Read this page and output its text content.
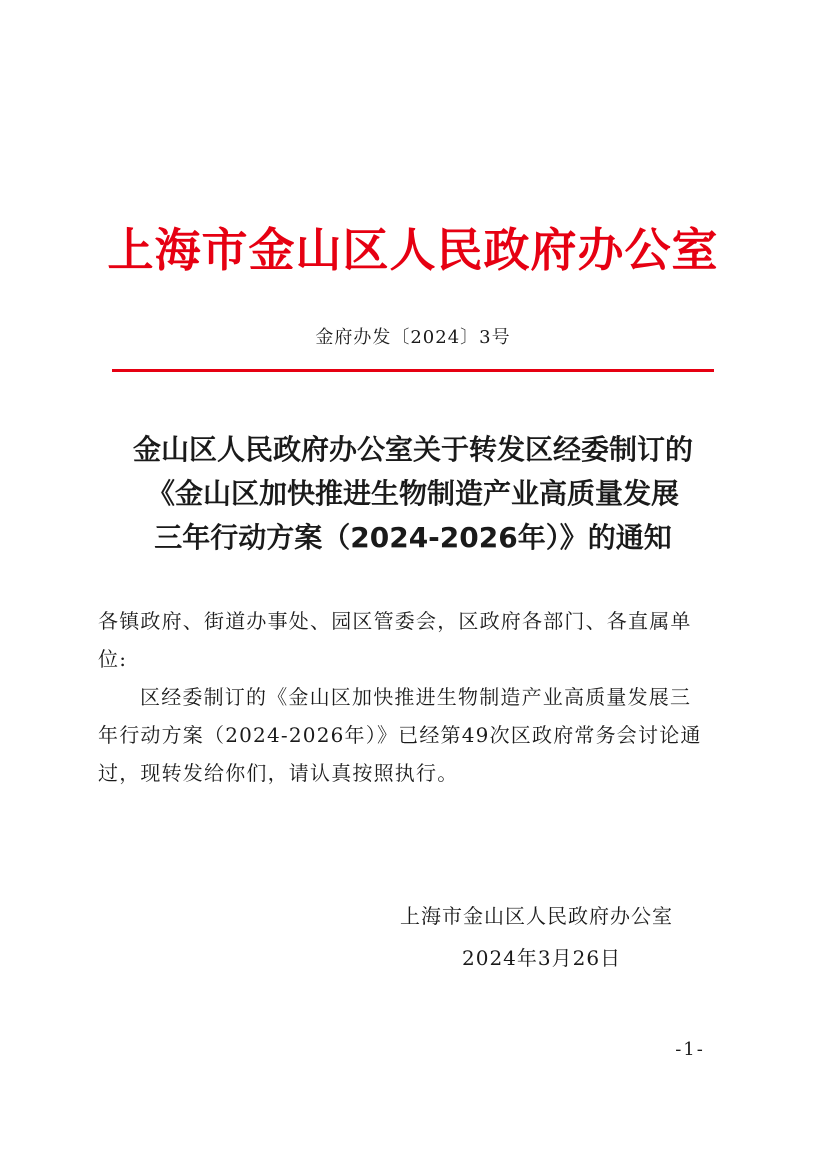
上海市金山区人民政府办公室
金府办发〔2024〕3号
金山区人民政府办公室关于转发区经委制订的
《金山区加快推进生物制造产业高质量发展
三年行动方案（2024-2026年）》的通知
各镇政府、街道办事处、园区管委会，区政府各部门、各直属单
位:
区经委制订的《金山区加快推进生物制造产业高质量发展三
年行动方案（2024-2026年）》已经第49次区政府常务会讨论通
过，现转发给你们，请认真按照执行。
上海市金山区人民政府办公室
2024年3月26日
-1-
